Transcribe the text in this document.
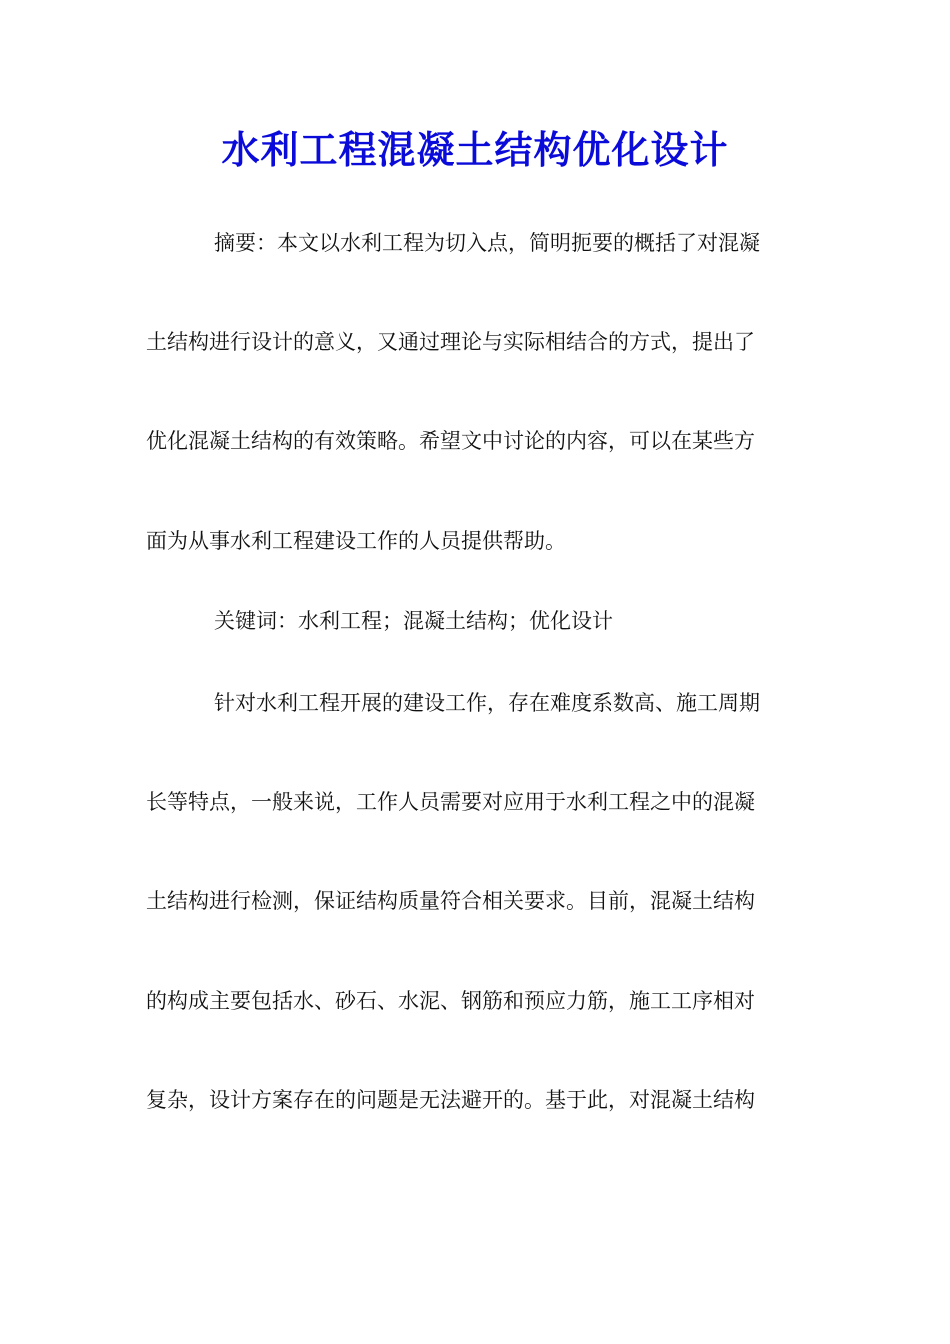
水利工程混凝土结构优化设计
摘要：本文以水利工程为切入点，简明扼要的概括了对混凝
土结构进行设计的意义，又通过理论与实际相结合的方式，提出了
优化混凝土结构的有效策略。希望文中讨论的内容，可以在某些方
面为从事水利工程建设工作的人员提供帮助。
关键词：水利工程；混凝土结构；优化设计
针对水利工程开展的建设工作，存在难度系数高、施工周期
长等特点，一般来说，工作人员需要对应用于水利工程之中的混凝
土结构进行检测，保证结构质量符合相关要求。目前，混凝土结构
的构成主要包括水、砂石、水泥、钢筋和预应力筋，施工工序相对
复杂，设计方案存在的问题是无法避开的。基于此，对混凝土结构
